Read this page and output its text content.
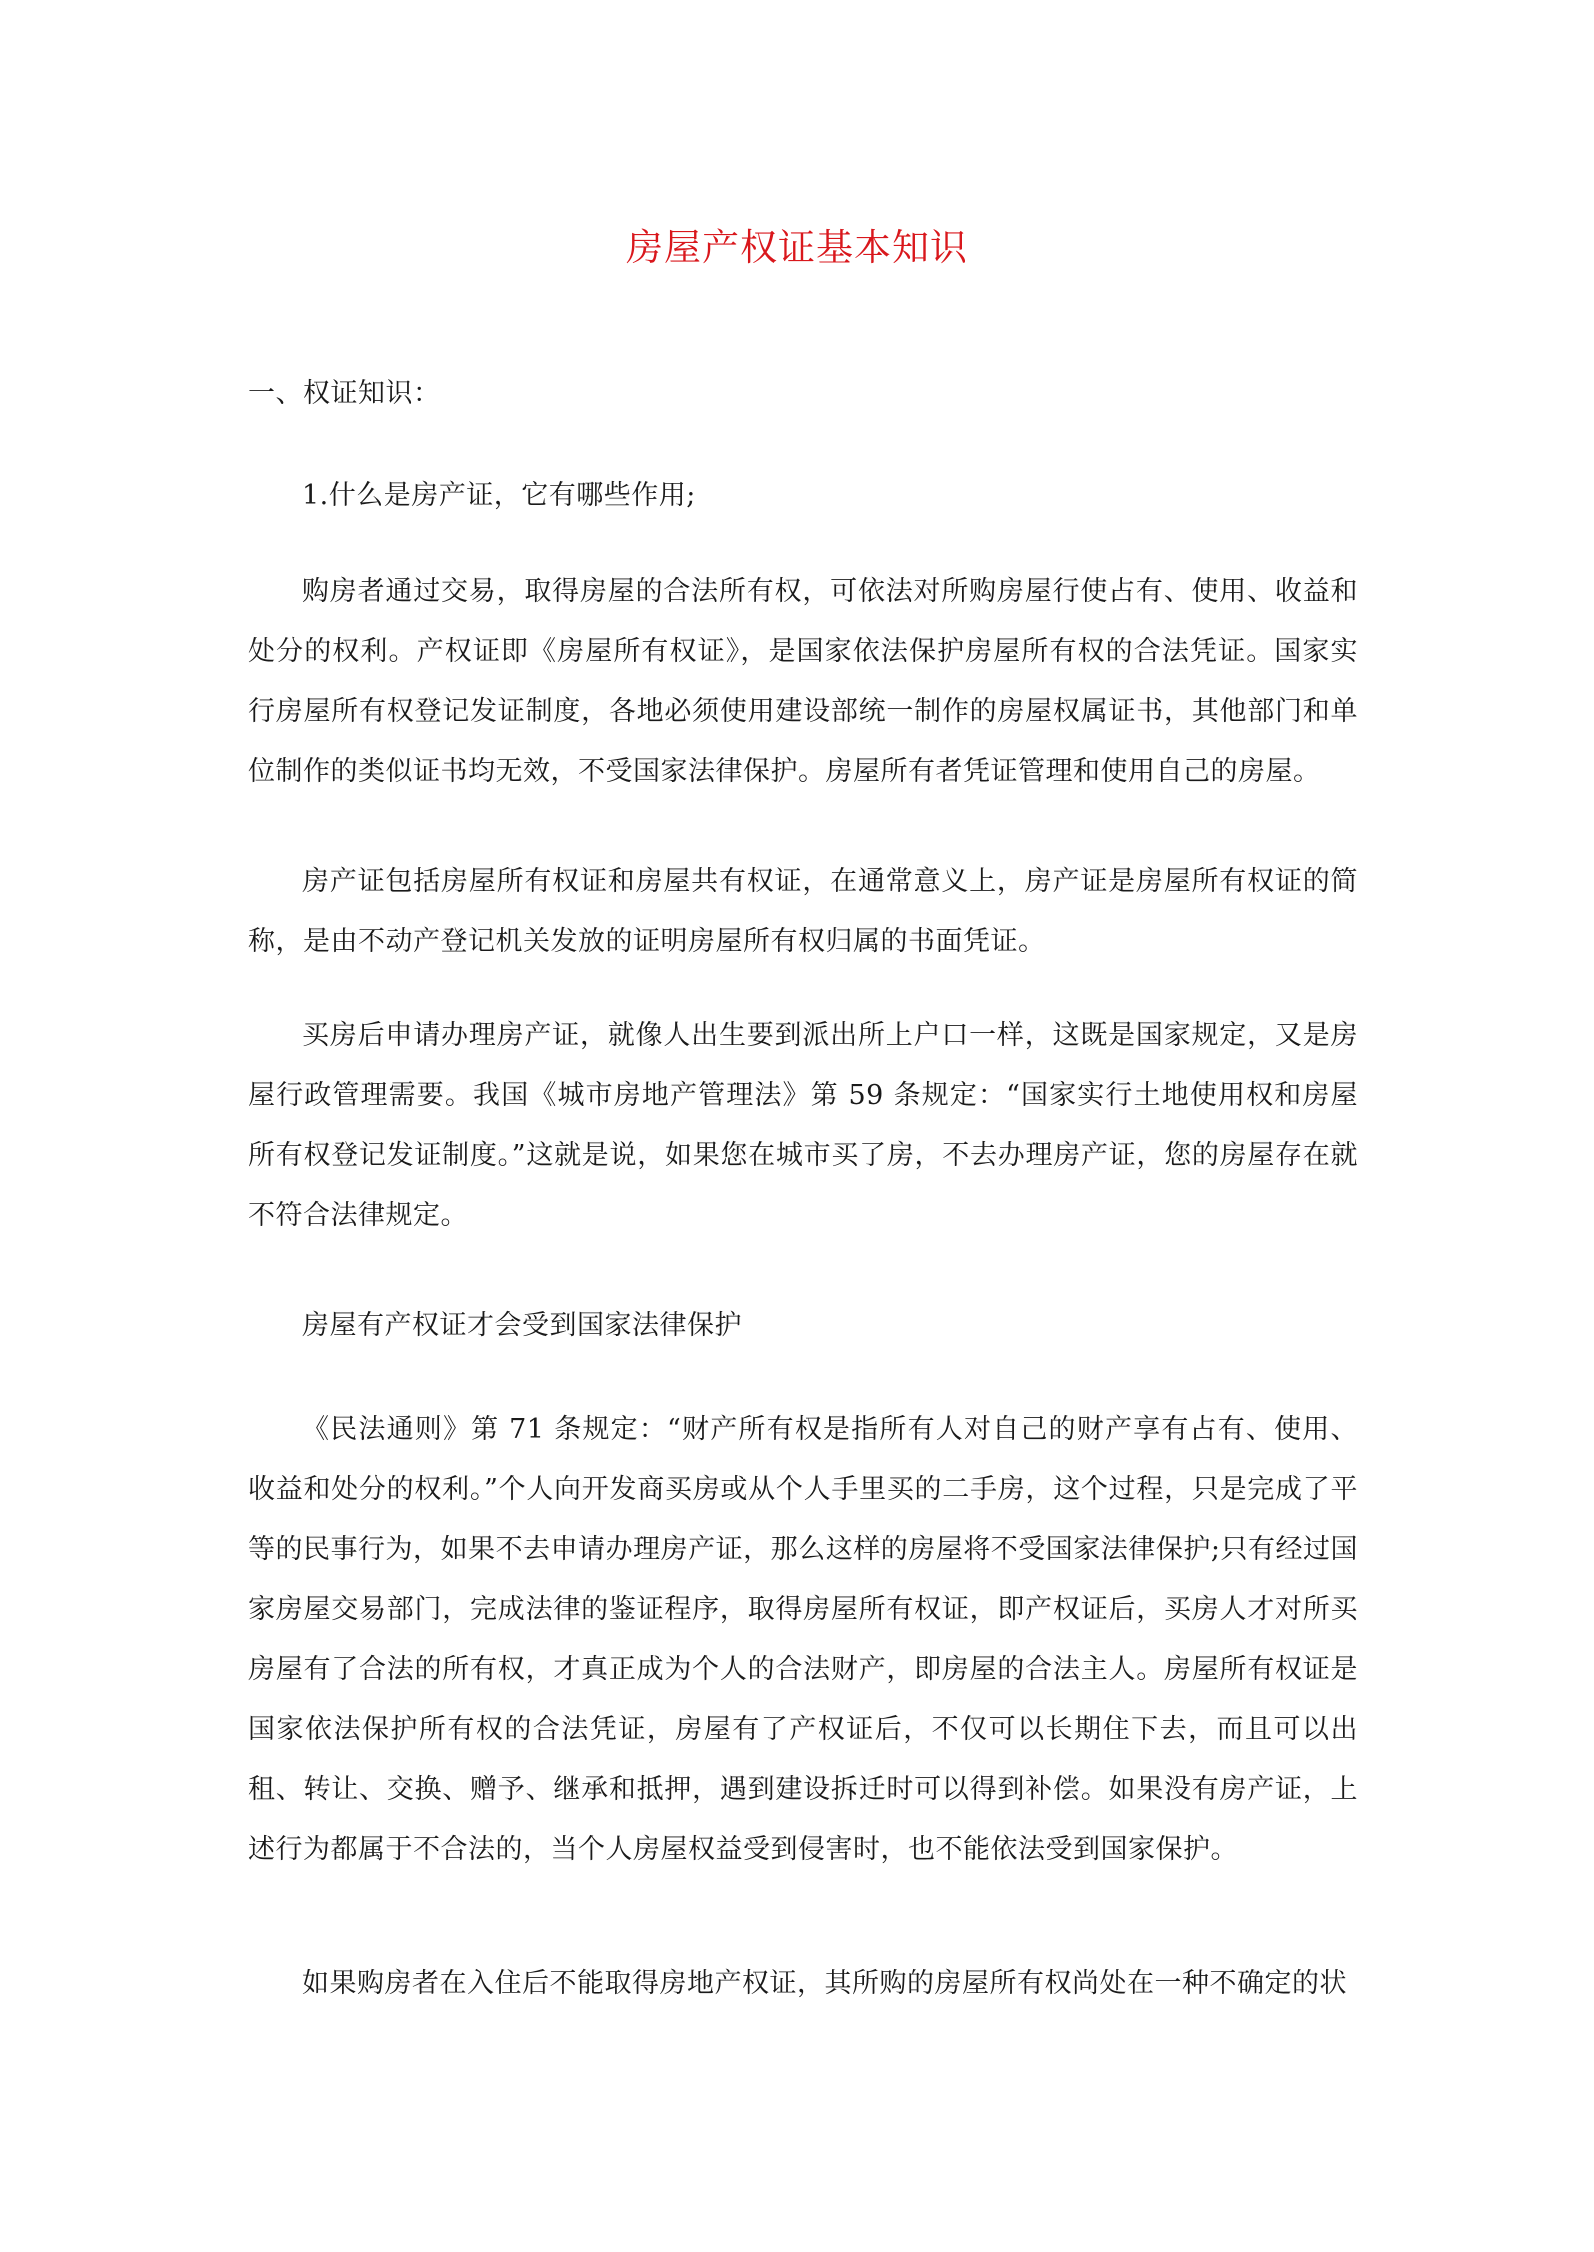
房屋产权证基本知识
一、权证知识：
1.什么是房产证，它有哪些作用;
购房者通过交易，取得房屋的合法所有权，可依法对所购房屋行使占有、使用、收益和处分的权利。产权证即《房屋所有权证》，是国家依法保护房屋所有权的合法凭证。国家实行房屋所有权登记发证制度，各地必须使用建设部统一制作的房屋权属证书，其他部门和单位制作的类似证书均无效，不受国家法律保护。房屋所有者凭证管理和使用自己的房屋。
房产证包括房屋所有权证和房屋共有权证，在通常意义上，房产证是房屋所有权证的简称，是由不动产登记机关发放的证明房屋所有权归属的书面凭证。
买房后申请办理房产证，就像人出生要到派出所上户口一样，这既是国家规定，又是房屋行政管理需要。我国《城市房地产管理法》第 59 条规定：“国家实行土地使用权和房屋所有权登记发证制度。”这就是说，如果您在城市买了房，不去办理房产证，您的房屋存在就不符合法律规定。
房屋有产权证才会受到国家法律保护
《民法通则》第 71 条规定：“财产所有权是指所有人对自己的财产享有占有、使用、收益和处分的权利。”个人向开发商买房或从个人手里买的二手房，这个过程，只是完成了平等的民事行为，如果不去申请办理房产证，那么这样的房屋将不受国家法律保护;只有经过国家房屋交易部门，完成法律的鉴证程序，取得房屋所有权证，即产权证后，买房人才对所买房屋有了合法的所有权，才真正成为个人的合法财产，即房屋的合法主人。房屋所有权证是国家依法保护所有权的合法凭证，房屋有了产权证后，不仅可以长期住下去，而且可以出租、转让、交换、赠予、继承和抵押，遇到建设拆迁时可以得到补偿。如果没有房产证，上述行为都属于不合法的，当个人房屋权益受到侵害时，也不能依法受到国家保护。
如果购房者在入住后不能取得房地产权证，其所购的房屋所有权尚处在一种不确定的状
